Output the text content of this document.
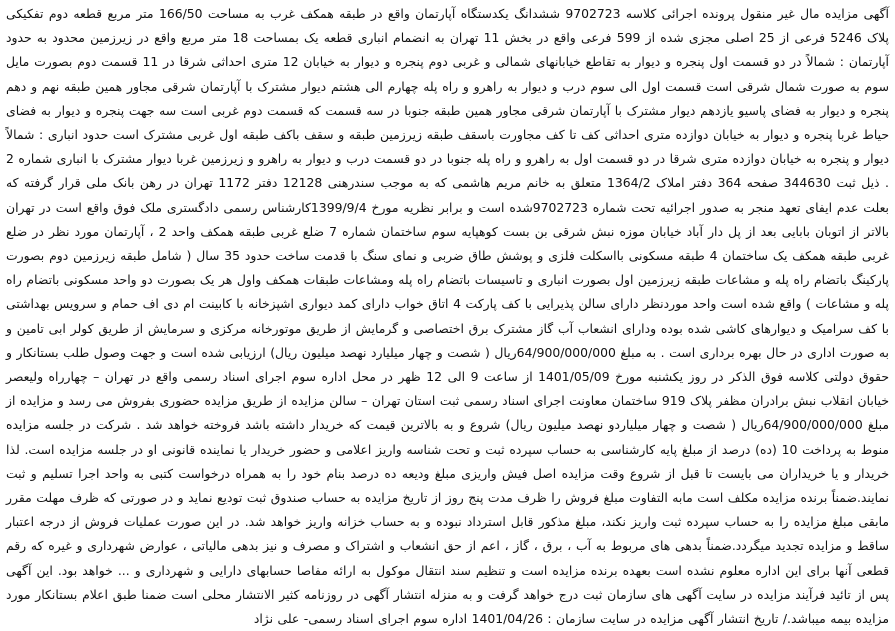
آگهی مزایده مال غیر منقول پرونده اجرائی کلاسه 9702723 ششدانگ یکدستگاه آپارتمان واقع در طبقه همکف غرب به مساحت 166/50 متر مربع قطعه دوم تفکیکی پلاک 5246 فرعی از 25 اصلی مجزی شده از 599 فرعی واقع در بخش 11 تهران به انضمام انباری قطعه یک بمساحت 18 متر مربع واقع در زیرزمین محدود به حدود آپارتمان : شمالاً در دو قسمت اول پنجره و دیوار به تقاطع خیابانهای شمالی و غربی دوم پنجره و دیوار به خیابان 12 متری احداثی شرقا در 11 قسمت دوم بصورت مایل سوم به صورت شمال شرقی است قسمت اول الی سوم درب و دیوار به راهرو و راه پله چهارم الی هشتم دیوار مشترک با آپارتمان شرقی مجاور همین طبقه نهم و دهم پنجره و دیوار به فضای پاسیو یازدهم دیوار مشترک با آپارتمان شرقی مجاور همین طبقه جنوبا در سه قسمت که قسمت دوم غربی است سه جهت پنجره و دیوار به فضای حیاط غربا پنجره و دیوار به خیابان دوازده متری احداثی کف تا کف مجاورت باسقف طبقه زیرزمین طبقه و سقف باکف طبقه اول غربی مشترک است حدود انباری : شمالاً دیوار و پنجره به خیابان دوازده متری شرقا در دو قسمت اول به راهرو و راه پله جنوبا در دو قسمت درب و دیوار به راهرو و زیرزمین غربا دیوار مشترک با انباری شماره 2 . ذیل ثبت 344630 صفحه 364 دفتر املاک 1364/2 متعلق به خانم مریم هاشمی که به موجب سندرهنی 12128 دفتر 1172 تهران در رهن بانک ملی قرار گرفته که بعلت عدم ایفای تعهد منجر به صدور اجرائیه تحت شماره 9702723شده است و برابر نظریه مورخ 1399/9/4کارشناس رسمی دادگستری ملک فوق واقع است در تهران بالاتر از اتوبان بابایی بعد از پل دار آباد خیابان موزه نبش شرقی بن بست کوهپایه سوم ساختمان شماره 7 ضلع غربی طبقه همکف واحد 2 ، آپارتمان مورد نظر در ضلع غربی طبقه همکف یک ساختمان 4 طبقه مسکونی بااسکلت فلزی و پوشش طاق ضربی و نمای سنگ با قدمت ساخت حدود 35 سال ( شامل طبقه زیرزمین دوم بصورت پارکینگ باتضام راه پله و مشاعات طبقه زیرزمین اول بصورت انباری و تاسیسات باتضام راه پله ومشاعات طبقات همکف واول هر یک بصورت دو واحد مسکونی باتضام راه پله و مشاعات ) واقع شده است واحد موردنظر دارای سالن پذیرایی با کف پارکت 4 اتاق خواب دارای کمد دیواری اشپزخانه با کابینت ام دی اف حمام و سرویس بهداشتی با کف سرامیک و دیوارهای کاشی شده بوده ودارای انشعاب آب گاز مشترک برق اختصاصی و گرمایش از طریق موتورخانه مرکزی و سرمایش از طریق کولر ابی تامین و به صورت اداری در حال بهره برداری است . به مبلغ 64/900/000/000ریال ( شصت و چهار میلیارد نهصد میلیون ریال) ارزیابی شده است و جهت وصول طلب بستانکار و حقوق دولتی کلاسه فوق الذکر در روز یکشنبه مورخ 1401/05/09 از ساعت 9 الی 12 ظهر در محل اداره سوم اجرای اسناد رسمی واقع در تهران – چهارراه ولیعصر خیابان انقلاب نبش برادران مظفر پلاک 919 ساختمان معاونت اجرای اسناد رسمی ثبت استان تهران – سالن مزایده از طریق مزایده حضوری بفروش می رسد و مزایده از مبلغ 64/900/000/000ریال ( شصت و چهار میلیاردو نهصد میلیون ریال) شروع و به بالاترین قیمت که خریدار داشته باشد فروخته خواهد شد . شرکت در جلسه مزایده منوط به پرداخت 10 (ده) درصد از مبلغ پایه کارشناسی به حساب سپرده ثبت و تحت شناسه واریز اعلامی و حضور خریدار یا نماینده قانونی او در جلسه مزایده است. لذا خریدار و یا خریداران می بایست تا قبل از شروع وقت مزایده اصل فیش واریزی مبلغ ودیعه ده درصد بنام خود را به همراه درخواست کتبی به واحد اجرا تسلیم و ثبت نمایند.ضمناً برنده مزایده مکلف است مابه التفاوت مبلغ فروش را ظرف مدت پنج روز از تاریخ مزایده به حساب صندوق ثبت تودیع نماید و در صورتی که ظرف مهلت مقرر مابقی مبلغ مزایده را به حساب سپرده ثبت واریز نکند، مبلغ مذکور قابل استرداد نبوده و به حساب خزانه واریز خواهد شد. در این صورت عملیات فروش از درجه اعتبار ساقط و مزایده تجدید میگردد.ضمناً بدهی های مربوط به آب ، برق ، گاز ، اعم از حق انشعاب و اشتراک و مصرف و نیز بدهی مالیاتی ، عوارض شهرداری و غیره که رقم قطعی آنها برای این اداره معلوم نشده است بعهده برنده مزایده است و تنظیم سند انتقال موکول به ارائه مفاصا حسابهای دارایی و شهرداری و ... خواهد بود. این آگهی پس از تائید فرآیند مزایده در سایت آگهی های سازمان ثبت درج خواهد گرفت و به منزله انتشار آگهی در روزنامه کثیر الانتشار محلی است ضمنا طبق اعلام بستانکار مورد مزایده بیمه میباشد./ تاریخ انتشار آگهی مزایده در سایت سازمان : 1401/04/26 اداره سوم اجرای اسناد رسمی- علی نژاد
